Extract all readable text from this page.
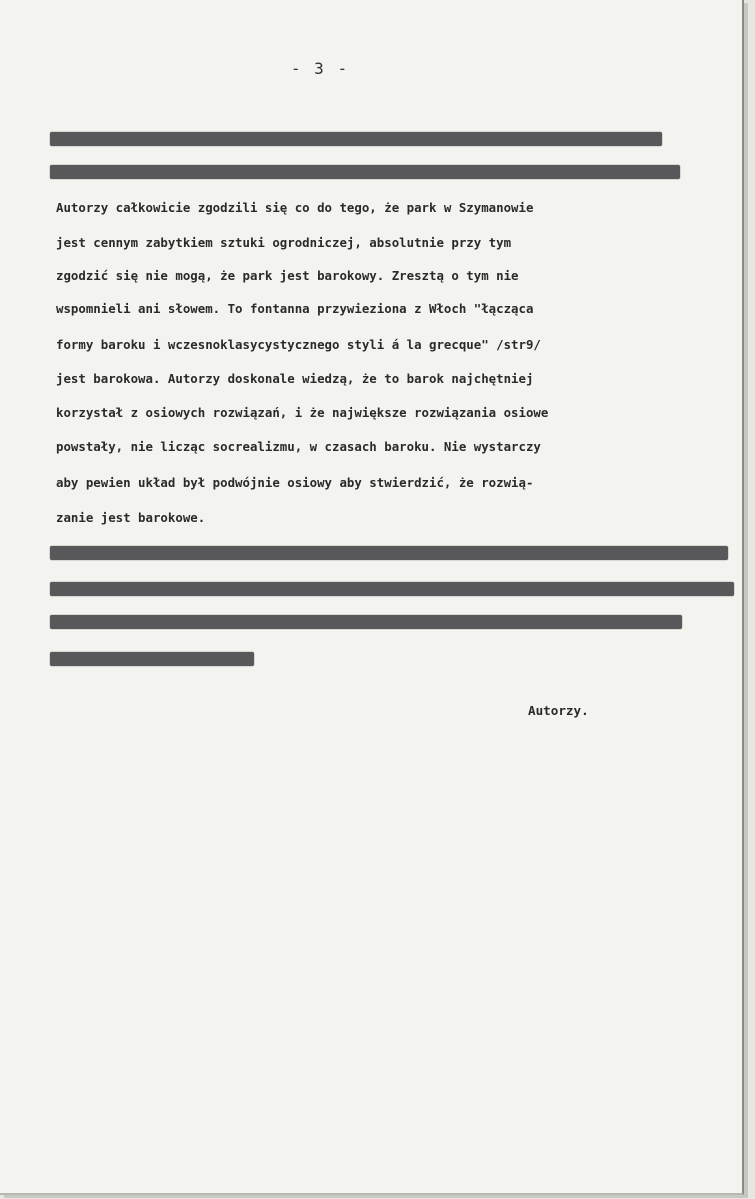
- 3 -
Autorzy całkowicie zgodzili się co do tego, że park w Szymanowie
jest cennym zabytkiem sztuki ogrodniczej, absolutnie przy tym
zgodzić się nie mogą, że park jest barokowy. Zresztą o tym nie
wspomnieli ani słowem. To fontanna przywieziona z Włoch "łącząca
formy baroku i wczesnoklasycystycznego styli á la grecque" /str9/
jest barokowa. Autorzy doskonale wiedzą, że to barok najchętniej
korzystał z osiowych rozwiązań, i że największe rozwiązania osiowe
powstały, nie licząc socrealizmu, w czasach baroku. Nie wystarczy
aby pewien układ był podwójnie osiowy aby stwierdzić, że rozwią-
zanie jest barokowe.
Autorzy.
